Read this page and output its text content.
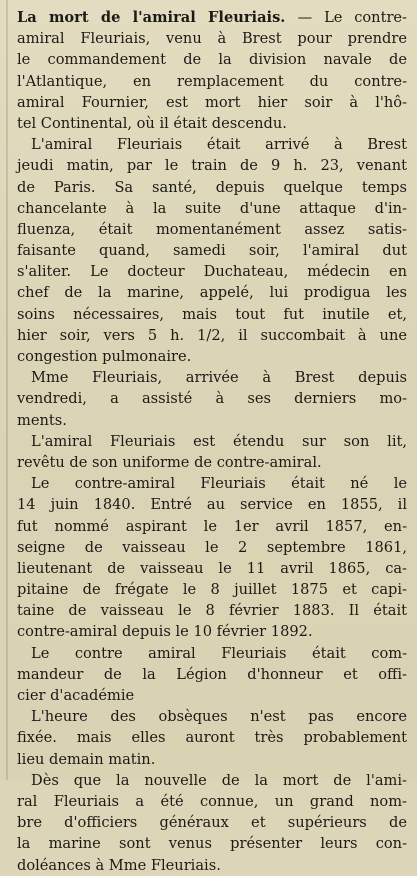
La mort de l'amiral Fleuriais. — Le contre-
amiral Fleuriais, venu à Brest pour prendre
le commandement de la division navale de
l'Atlantique, en remplacement du contre-
amiral Fournier, est mort hier soir à l'hô-
tel Continental, où il était descendu.
L'amiral Fleuriais était arrivé à Brest
jeudi matin, par le train de 9 h. 23, venant
de Paris. Sa santé, depuis quelque temps
chancelante à la suite d'une attaque d'in-
fluenza, était momentanément assez satis-
faisante quand, samedi soir, l'amiral dut
s'aliter. Le docteur Duchateau, médecin en
chef de la marine, appelé, lui prodigua les
soins nécessaires, mais tout fut inutile et,
hier soir, vers 5 h. 1/2, il succombait à une
congestion pulmonaire.
Mme Fleuriais, arrivée à Brest depuis
vendredi, a assisté à ses derniers mo-
ments.
L'amiral Fleuriais est étendu sur son lit,
revêtu de son uniforme de contre-amiral.
Le contre-amiral Fleuriais était né le
14 juin 1840. Entré au service en 1855, il
fut nommé aspirant le 1er avril 1857, en-
seigne de vaisseau le 2 septembre 1861,
lieutenant de vaisseau le 11 avril 1865, ca-
pitaine de frégate le 8 juillet 1875 et capi-
taine de vaisseau le 8 février 1883. Il était
contre-amiral depuis le 10 février 1892.
Le contre amiral Fleuriais était com-
mandeur de la Légion d'honneur et offi-
cier d'académie
L'heure des obsèques n'est pas encore
fixée. mais elles auront très probablement
lieu demain matin.
Dès que la nouvelle de la mort de l'ami-
ral Fleuriais a été connue, un grand nom-
bre d'officiers généraux et supérieurs de
la marine sont venus présenter leurs con-
doléances à Mme Fleuriais.
